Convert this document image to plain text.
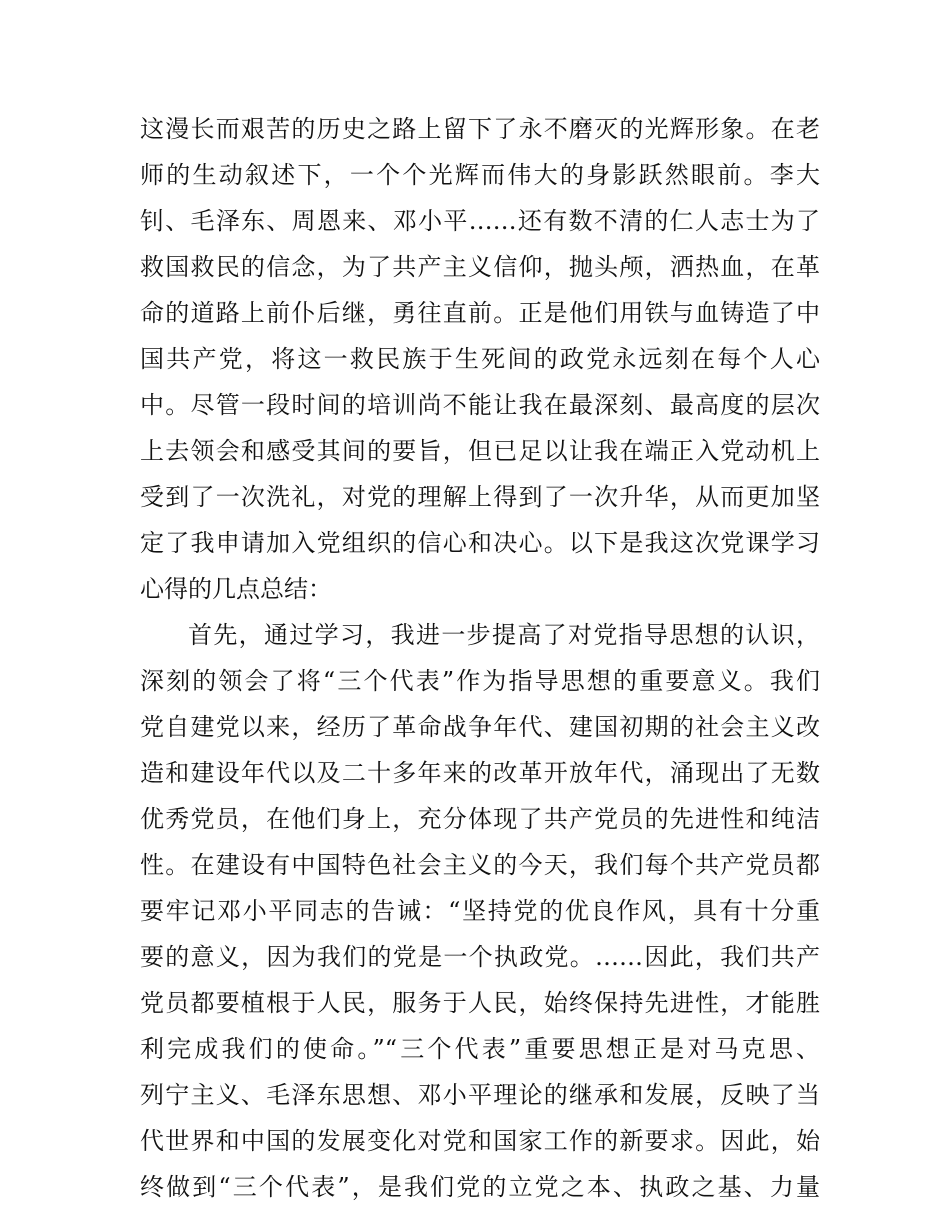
这漫长而艰苦的历史之路上留下了永不磨灭的光辉形象。在老
师的生动叙述下，一个个光辉而伟大的身影跃然眼前。李大
钊、毛泽东、周恩来、邓小平……还有数不清的仁人志士为了
救国救民的信念，为了共产主义信仰，抛头颅，洒热血，在革
命的道路上前仆后继，勇往直前。正是他们用铁与血铸造了中
国共产党，将这一救民族于生死间的政党永远刻在每个人心
中。尽管一段时间的培训尚不能让我在最深刻、最高度的层次
上去领会和感受其间的要旨，但已足以让我在端正入党动机上
受到了一次洗礼，对党的理解上得到了一次升华，从而更加坚
定了我申请加入党组织的信心和决心。以下是我这次党课学习
心得的几点总结：
首先，通过学习，我进一步提高了对党指导思想的认识，
深刻的领会了将“三个代表”作为指导思想的重要意义。我们
党自建党以来，经历了革命战争年代、建国初期的社会主义改
造和建设年代以及二十多年来的改革开放年代，涌现出了无数
优秀党员，在他们身上，充分体现了共产党员的先进性和纯洁
性。在建设有中国特色社会主义的今天，我们每个共产党员都
要牢记邓小平同志的告诫：“坚持党的优良作风，具有十分重
要的意义，因为我们的党是一个执政党。……因此，我们共产
党员都要植根于人民，服务于人民，始终保持先进性，才能胜
利完成我们的使命。”“三个代表”重要思想正是对马克思、
列宁主义、毛泽东思想、邓小平理论的继承和发展，反映了当
代世界和中国的发展变化对党和国家工作的新要求。因此，始
终做到“三个代表”，是我们党的立党之本、执政之基、力量
